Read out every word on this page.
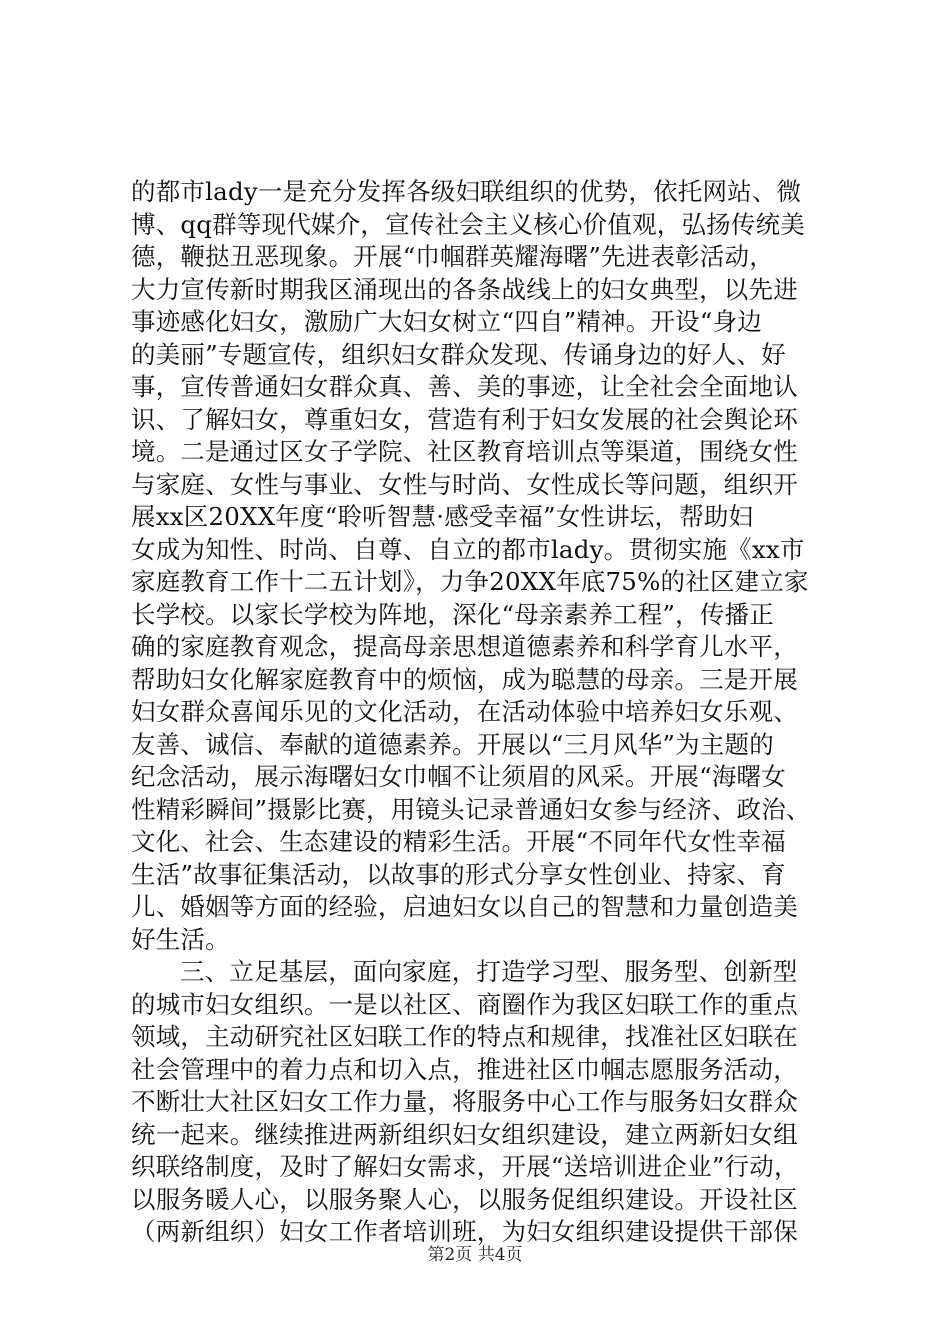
的都市lady一是充分发挥各级妇联组织的优势，依托网站、微
博、qq群等现代媒介，宣传社会主义核心价值观，弘扬传统美
德，鞭挞丑恶现象。开展“巾帼群英耀海曙”先进表彰活动，
大力宣传新时期我区涌现出的各条战线上的妇女典型，以先进
事迹感化妇女，激励广大妇女树立“四自”精神。开设“身边
的美丽”专题宣传，组织妇女群众发现、传诵身边的好人、好
事，宣传普通妇女群众真、善、美的事迹，让全社会全面地认
识、了解妇女，尊重妇女，营造有利于妇女发展的社会舆论环
境。二是通过区女子学院、社区教育培训点等渠道，围绕女性
与家庭、女性与事业、女性与时尚、女性成长等问题，组织开
展xx区20XX年度“聆听智慧·感受幸福”女性讲坛，帮助妇
女成为知性、时尚、自尊、自立的都市lady。贯彻实施《xx市
家庭教育工作十二五计划》，力争20XX年底75%的社区建立家
长学校。以家长学校为阵地，深化“母亲素养工程”，传播正
确的家庭教育观念，提高母亲思想道德素养和科学育儿水平，
帮助妇女化解家庭教育中的烦恼，成为聪慧的母亲。三是开展
妇女群众喜闻乐见的文化活动，在活动体验中培养妇女乐观、
友善、诚信、奉献的道德素养。开展以“三月风华”为主题的
纪念活动，展示海曙妇女巾帼不让须眉的风采。开展“海曙女
性精彩瞬间”摄影比赛，用镜头记录普通妇女参与经济、政治、
文化、社会、生态建设的精彩生活。开展“不同年代女性幸福
生活”故事征集活动，以故事的形式分享女性创业、持家、育
儿、婚姻等方面的经验，启迪妇女以自己的智慧和力量创造美
好生活。
三、立足基层，面向家庭，打造学习型、服务型、创新型
的城市妇女组织。一是以社区、商圈作为我区妇联工作的重点
领域，主动研究社区妇联工作的特点和规律，找准社区妇联在
社会管理中的着力点和切入点，推进社区巾帼志愿服务活动，
不断壮大社区妇女工作力量，将服务中心工作与服务妇女群众
统一起来。继续推进两新组织妇女组织建设，建立两新妇女组
织联络制度，及时了解妇女需求，开展“送培训进企业”行动，
以服务暖人心，以服务聚人心，以服务促组织建设。开设社区
（两新组织）妇女工作者培训班，为妇女组织建设提供干部保
第2页 共4页
